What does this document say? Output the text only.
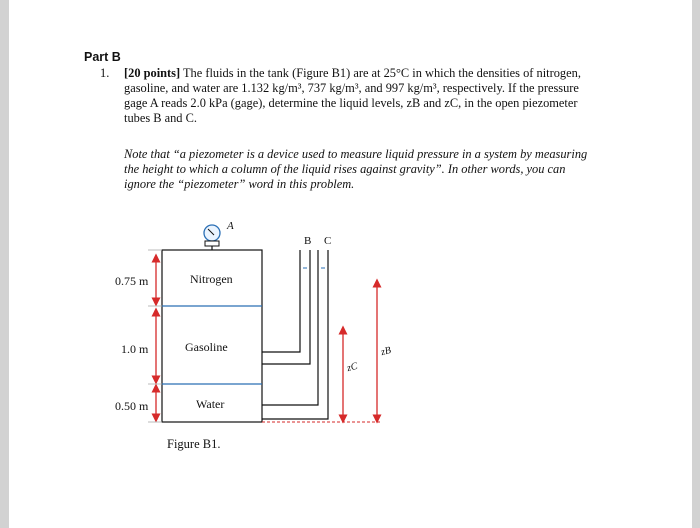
Part B
1. [20 points] The fluids in the tank (Figure B1) are at 25°C in which the densities of nitrogen,
gasoline, and water are 1.132 kg/m³, 737 kg/m³, and 997 kg/m³, respectively. If the pressure
gage A reads 2.0 kPa (gage), determine the liquid levels, zB and zC, in the open piezometer
tubes B and C.
Note that “a piezometer is a device used to measure liquid pressure in a system by measuring
the height to which a column of the liquid rises against gravity”. In other words, you can
ignore the “piezometer” word in this problem.
A
B C
0.75 m
1.0 m
0.50 m
Nitrogen
Gasoline
Water
zC
zB
Figure B1.
